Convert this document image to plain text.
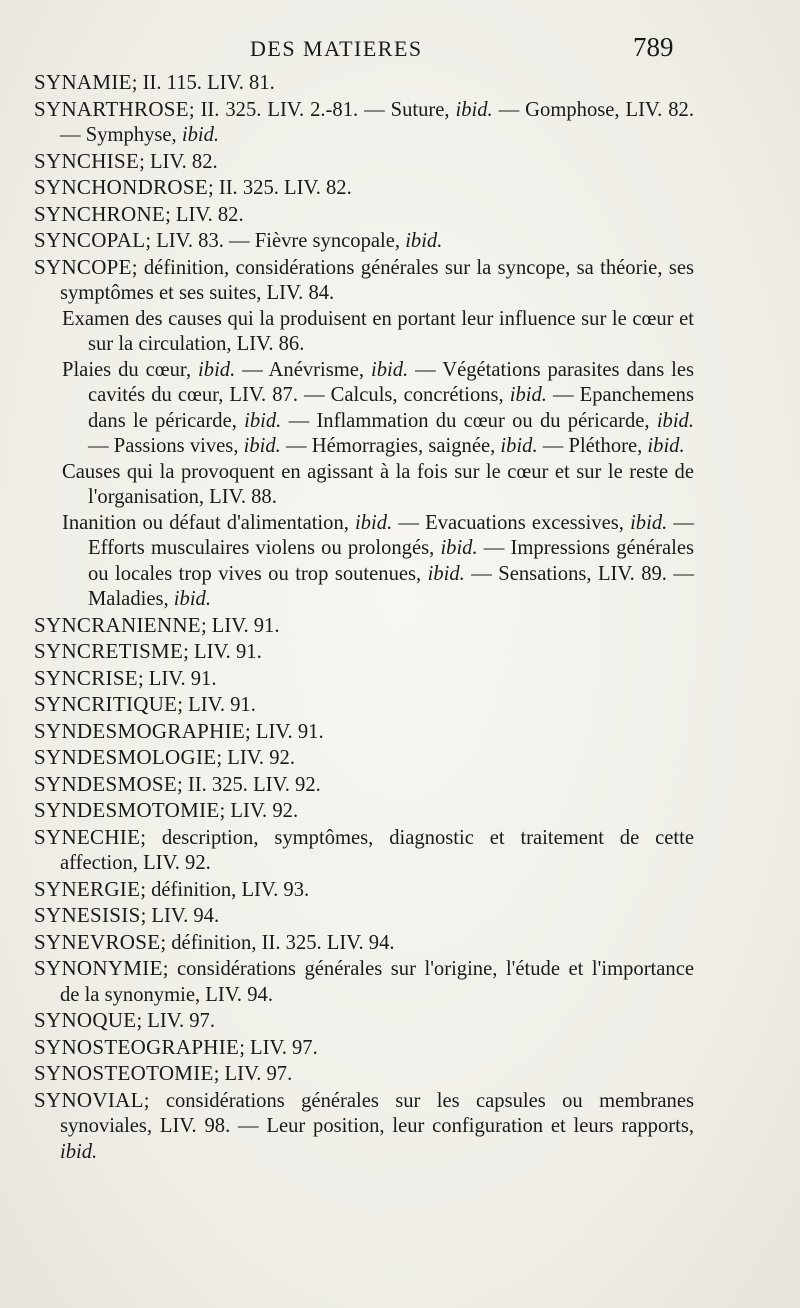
DES MATIERES	789

SYNAMIE; II. 115. LIV. 81.

SYNARTHROSE; II. 325. LIV. 2.-81. — Suture, ibid. — Gomphose, LIV. 82. — Symphyse, ibid.

SYNCHISE; LIV. 82.

SYNCHONDROSE; II. 325. LIV. 82.

SYNCHRONE; LIV. 82.

SYNCOPAL; LIV. 83. — Fièvre syncopale, ibid.

SYNCOPE; définition, considérations générales sur la syncope, sa théorie, ses symptômes et ses suites, LIV. 84.

Examen des causes qui la produisent en portant leur influence sur le cœur et sur la circulation, LIV. 86.

Plaies du cœur, ibid. — Anévrisme, ibid. — Végétations parasites dans les cavités du cœur, LIV. 87. — Calculs, concrétions, ibid. — Epanchemens dans le péricarde, ibid. — Inflammation du cœur ou du péricarde, ibid. — Passions vives, ibid. — Hémorragies, saignée, ibid. — Pléthore, ibid.

Causes qui la provoquent en agissant à la fois sur le cœur et sur le reste de l'organisation, LIV. 88.

Inanition ou défaut d'alimentation, ibid. — Evacuations excessives, ibid. — Efforts musculaires violens ou prolongés, ibid. — Impressions générales ou locales trop vives ou trop soutenues, ibid. — Sensations, LIV. 89. — Maladies, ibid.

SYNCRANIENNE; LIV. 91.

SYNCRETISME; LIV. 91.

SYNCRISE; LIV. 91.

SYNCRITIQUE; LIV. 91.

SYNDESMOGRAPHIE; LIV. 91.

SYNDESMOLOGIE; LIV. 92.

SYNDESMOSE; II. 325. LIV. 92.

SYNDESMOTOMIE; LIV. 92.

SYNECHIE; description, symptômes, diagnostic et traitement de cette affection, LIV. 92.

SYNERGIE; définition, LIV. 93.

SYNESISIS; LIV. 94.

SYNEVROSE; définition, II. 325. LIV. 94.

SYNONYMIE; considérations générales sur l'origine, l'étude et l'importance de la synonymie, LIV. 94.

SYNOQUE; LIV. 97.

SYNOSTEOGRAPHIE; LIV. 97.

SYNOSTEOTOMIE; LIV. 97.

SYNOVIAL; considérations générales sur les capsules ou membranes synoviales, LIV. 98. — Leur position, leur configuration et leurs rapports, ibid.
